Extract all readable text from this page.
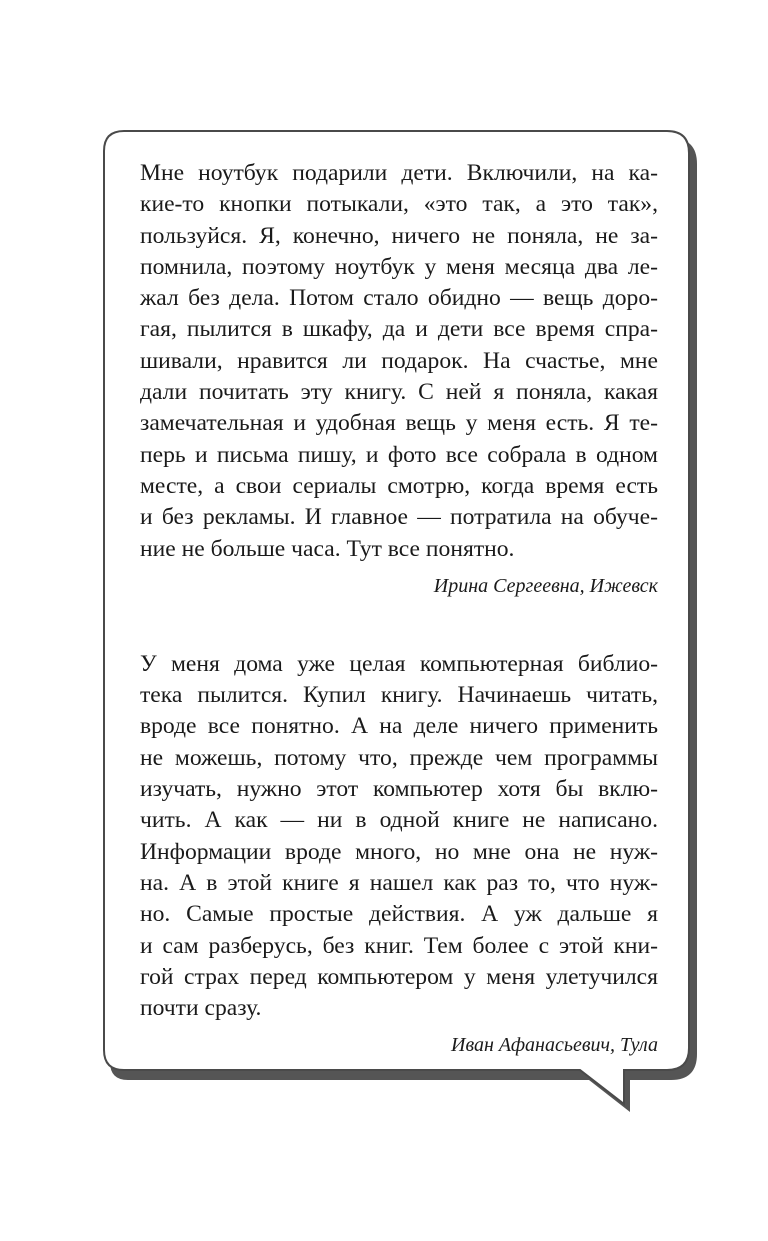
Мне ноутбук подарили дети. Включили, на ка-
кие-то кнопки потыкали, «это так, а это так»,
пользуйся. Я, конечно, ничего не поняла, не за-
помнила, поэтому ноутбук у меня месяца два ле-
жал без дела. Потом стало обидно — вещь доро-
гая, пылится в шкафу, да и дети все время спра-
шивали, нравится ли подарок. На счастье, мне
дали почитать эту книгу. С ней я поняла, какая
замечательная и удобная вещь у меня есть. Я те-
перь и письма пишу, и фото все собрала в одном
месте, а свои сериалы смотрю, когда время есть
и без рекламы. И главное — потратила на обуче-
ние не больше часа. Тут все понятно.

Ирина Сергеевна, Ижевск

У меня дома уже целая компьютерная библио-
тека пылится. Купил книгу. Начинаешь читать,
вроде все понятно. А на деле ничего применить
не можешь, потому что, прежде чем программы
изучать, нужно этот компьютер хотя бы вклю-
чить. А как — ни в одной книге не написано.
Информации вроде много, но мне она не нуж-
на. А в этой книге я нашел как раз то, что нуж-
но. Самые простые действия. А уж дальше я
и сам разберусь, без книг. Тем более с этой кни-
гой страх перед компьютером у меня улетучился
почти сразу.

Иван Афанасьевич, Тула
